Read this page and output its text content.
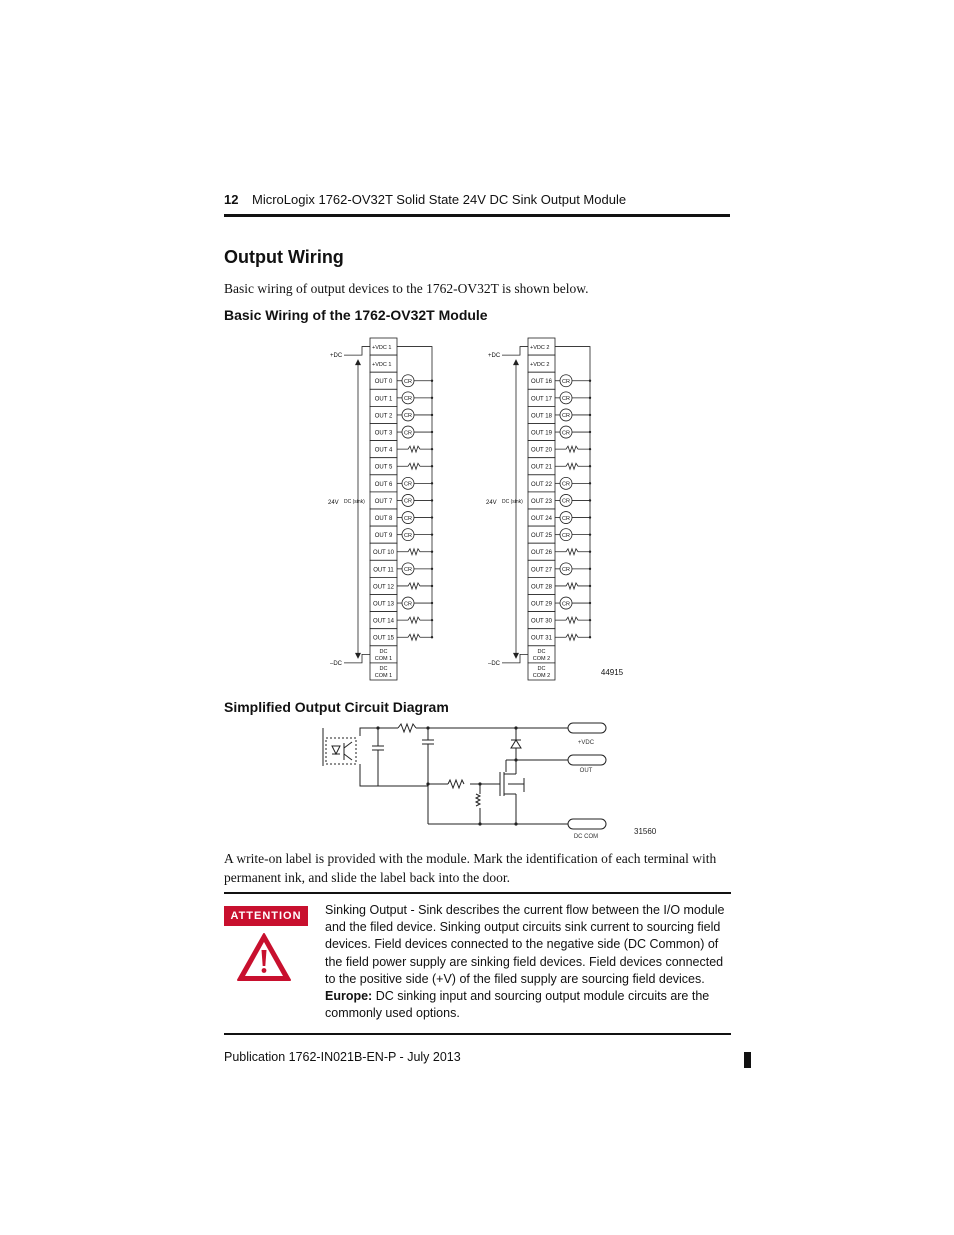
12 MicroLogix 1762-OV32T Solid State 24V DC Sink Output Module
Output Wiring
Basic wiring of output devices to the 1762-OV32T is shown below.
Basic Wiring of the 1762-OV32T Module
+VDC 1
+VDC 1
OUT 0
OUT 1
OUT 2
OUT 3
OUT 4
OUT 5
OUT 6
OUT 7
OUT 8
OUT 9
OUT 10
OUT 11
OUT 12
OUT 13
OUT 14
OUT 15
DC
COM 1
DC
COM 1
CR
CR
CR
CR
CR
CR
CR
CR
CR
CR
+DC
–DC
24V DC (sink)
+VDC 2
+VDC 2
OUT 16
OUT 17
OUT 18
OUT 19
OUT 20
OUT 21
OUT 22
OUT 23
OUT 24
OUT 25
OUT 26
OUT 27
OUT 28
OUT 29
OUT 30
OUT 31
DC
COM 2
DC
COM 2
CR
CR
CR
CR
CR
CR
CR
CR
CR
CR
+DC
–DC
24V DC (sink)
44915
Simplified Output Circuit Diagram
+VDC
OUT
DC COM
31560
A write-on label is provided with the module. Mark the identification of each terminal with permanent ink, and slide the label back into the door.
ATTENTION	Sinking Output - Sink describes the current flow between the I/O module and the filed device. Sinking output circuits sink current to sourcing field devices. Field devices connected to the negative side (DC Common) of the field power supply are sinking field devices. Field devices connected to the positive side (+V) of the filed supply are sourcing field devices.
Europe: DC sinking input and sourcing output module circuits are the commonly used options.
Publication 1762-IN021B-EN-P - July 2013
